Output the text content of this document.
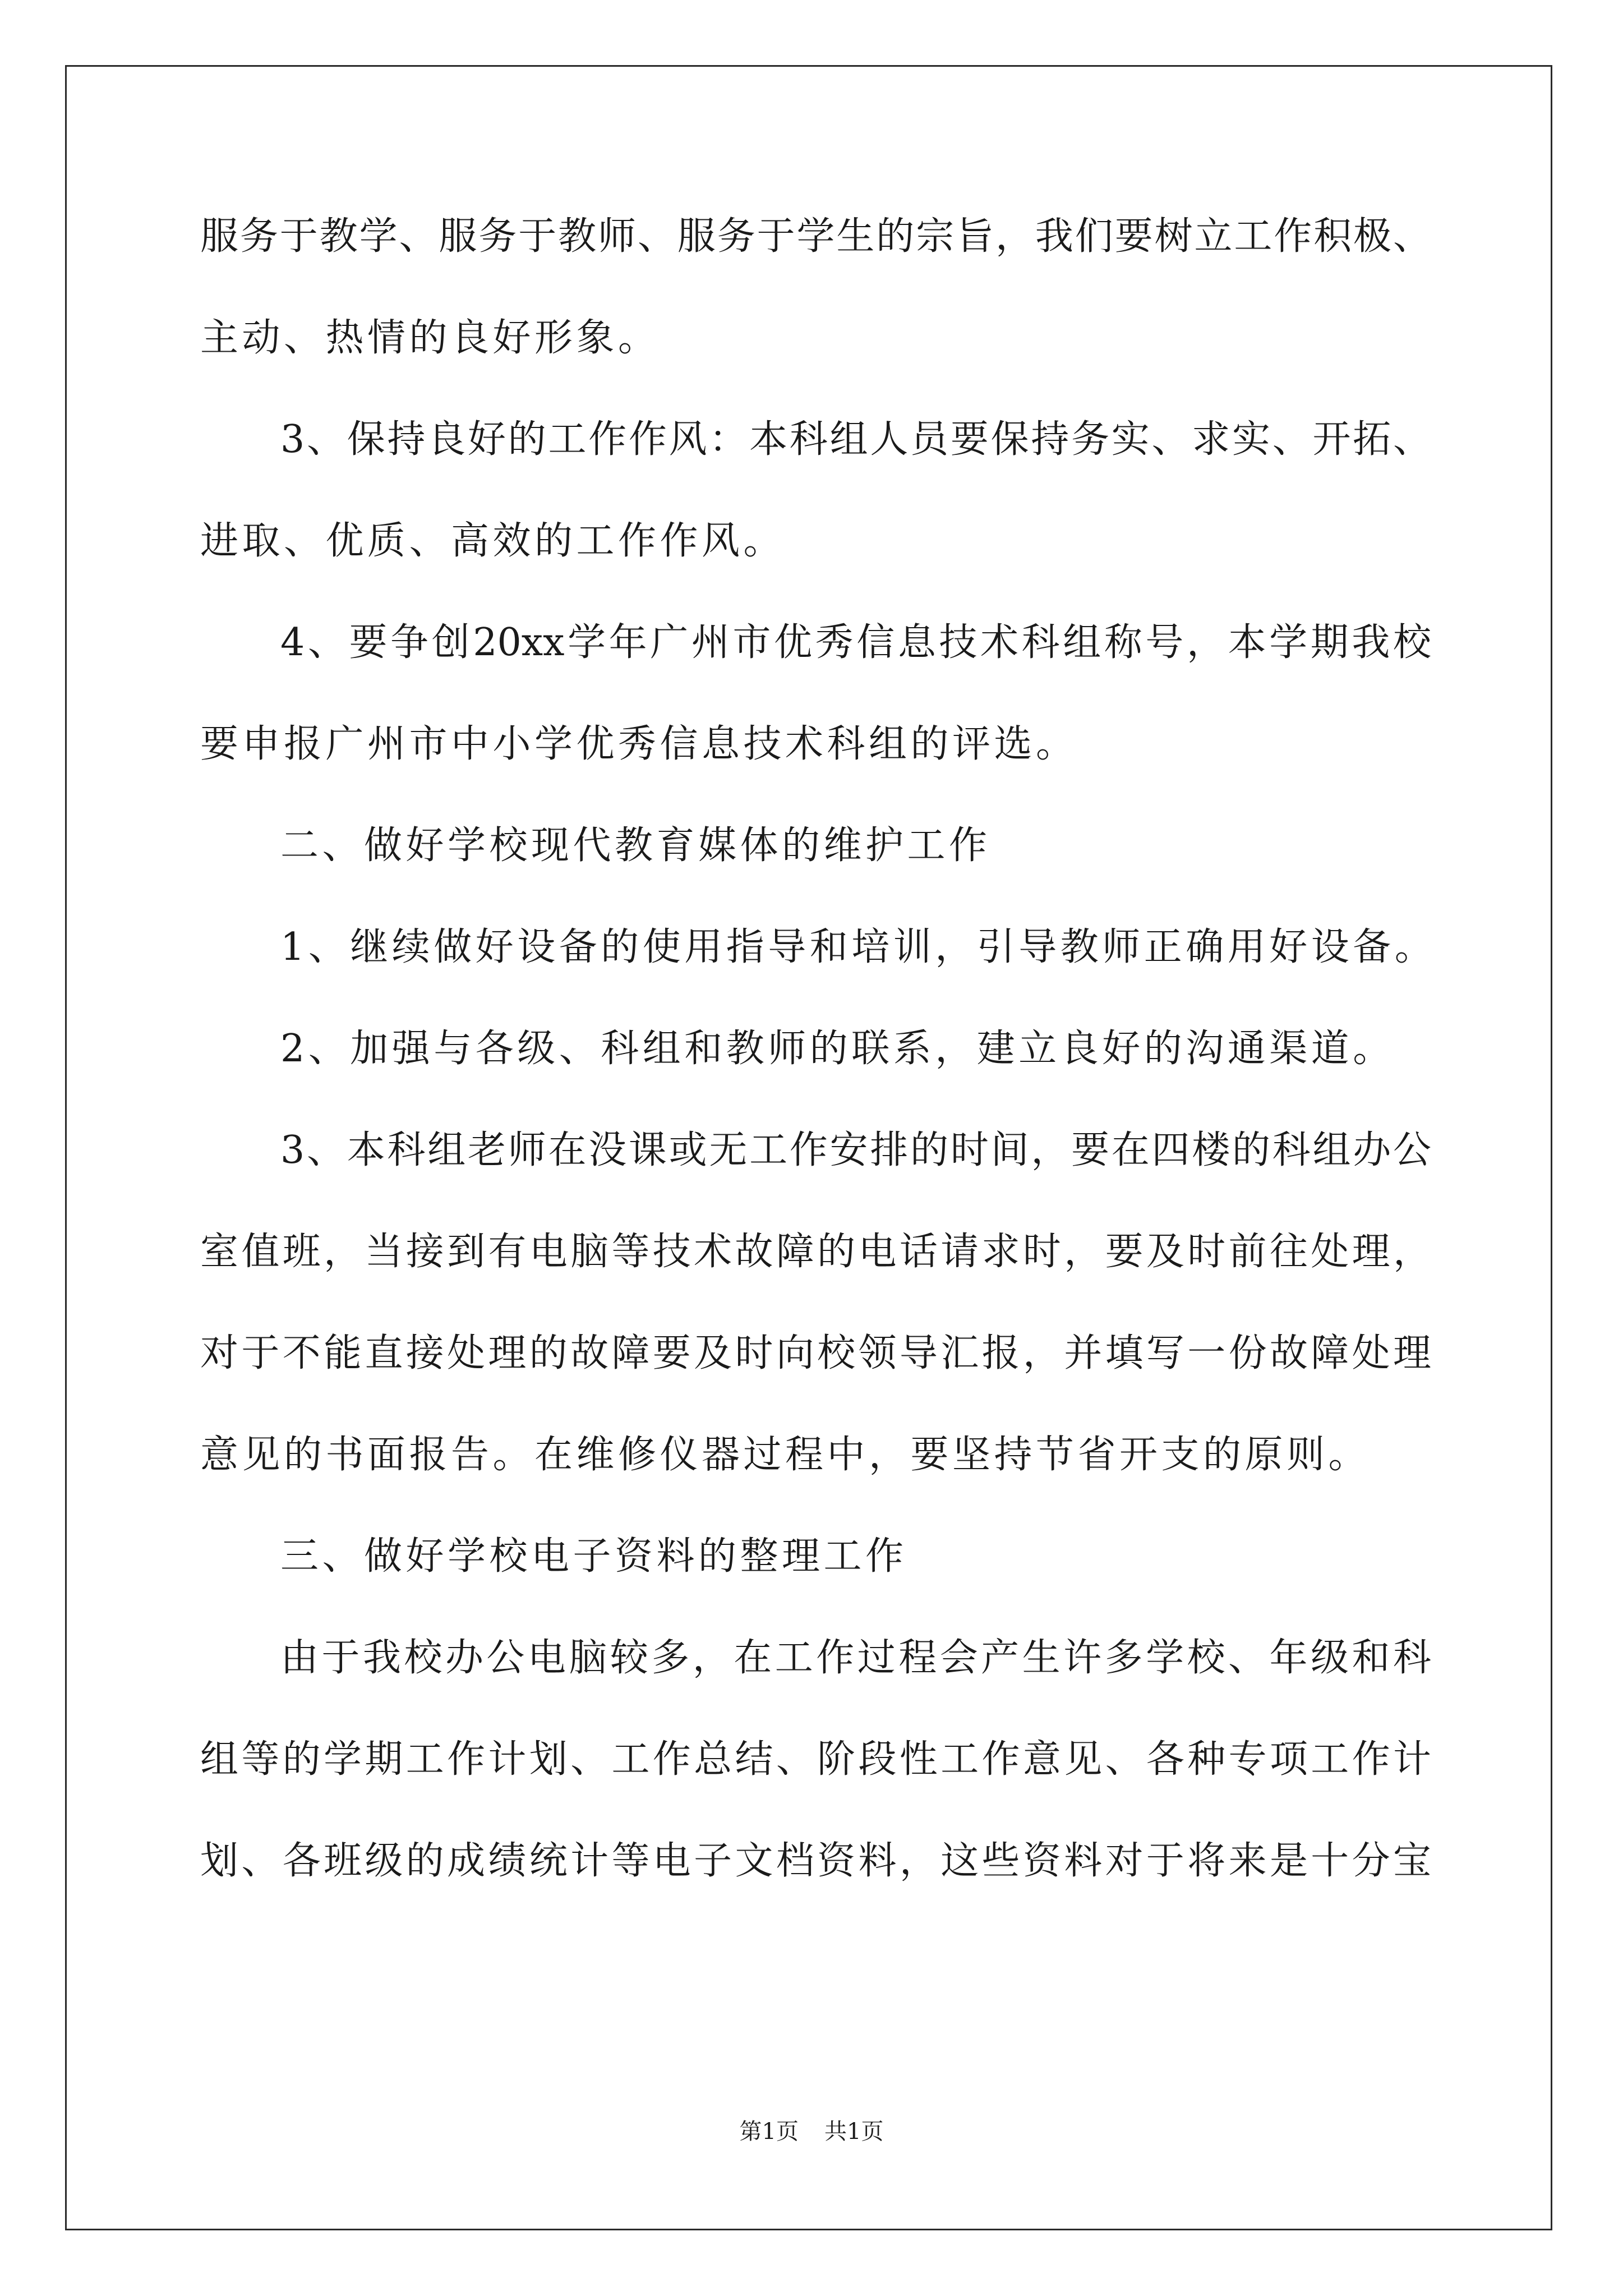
服务于教学、服务于教师、服务于学生的宗旨，我们要树立工作积极、
主动、热情的良好形象。
3、保持良好的工作作风：本科组人员要保持务实、求实、开拓、
进取、优质、高效的工作作风。
4、要争创20xx学年广州市优秀信息技术科组称号，本学期我校
要申报广州市中小学优秀信息技术科组的评选。
二、做好学校现代教育媒体的维护工作
1、继续做好设备的使用指导和培训，引导教师正确用好设备。
2、加强与各级、科组和教师的联系，建立良好的沟通渠道。
3、本科组老师在没课或无工作安排的时间，要在四楼的科组办公
室值班，当接到有电脑等技术故障的电话请求时，要及时前往处理，
对于不能直接处理的故障要及时向校领导汇报，并填写一份故障处理
意见的书面报告。在维修仪器过程中，要坚持节省开支的原则。
三、做好学校电子资料的整理工作
由于我校办公电脑较多，在工作过程会产生许多学校、年级和科
组等的学期工作计划、工作总结、阶段性工作意见、各种专项工作计
划、各班级的成绩统计等电子文档资料，这些资料对于将来是十分宝
第1页 共1页
